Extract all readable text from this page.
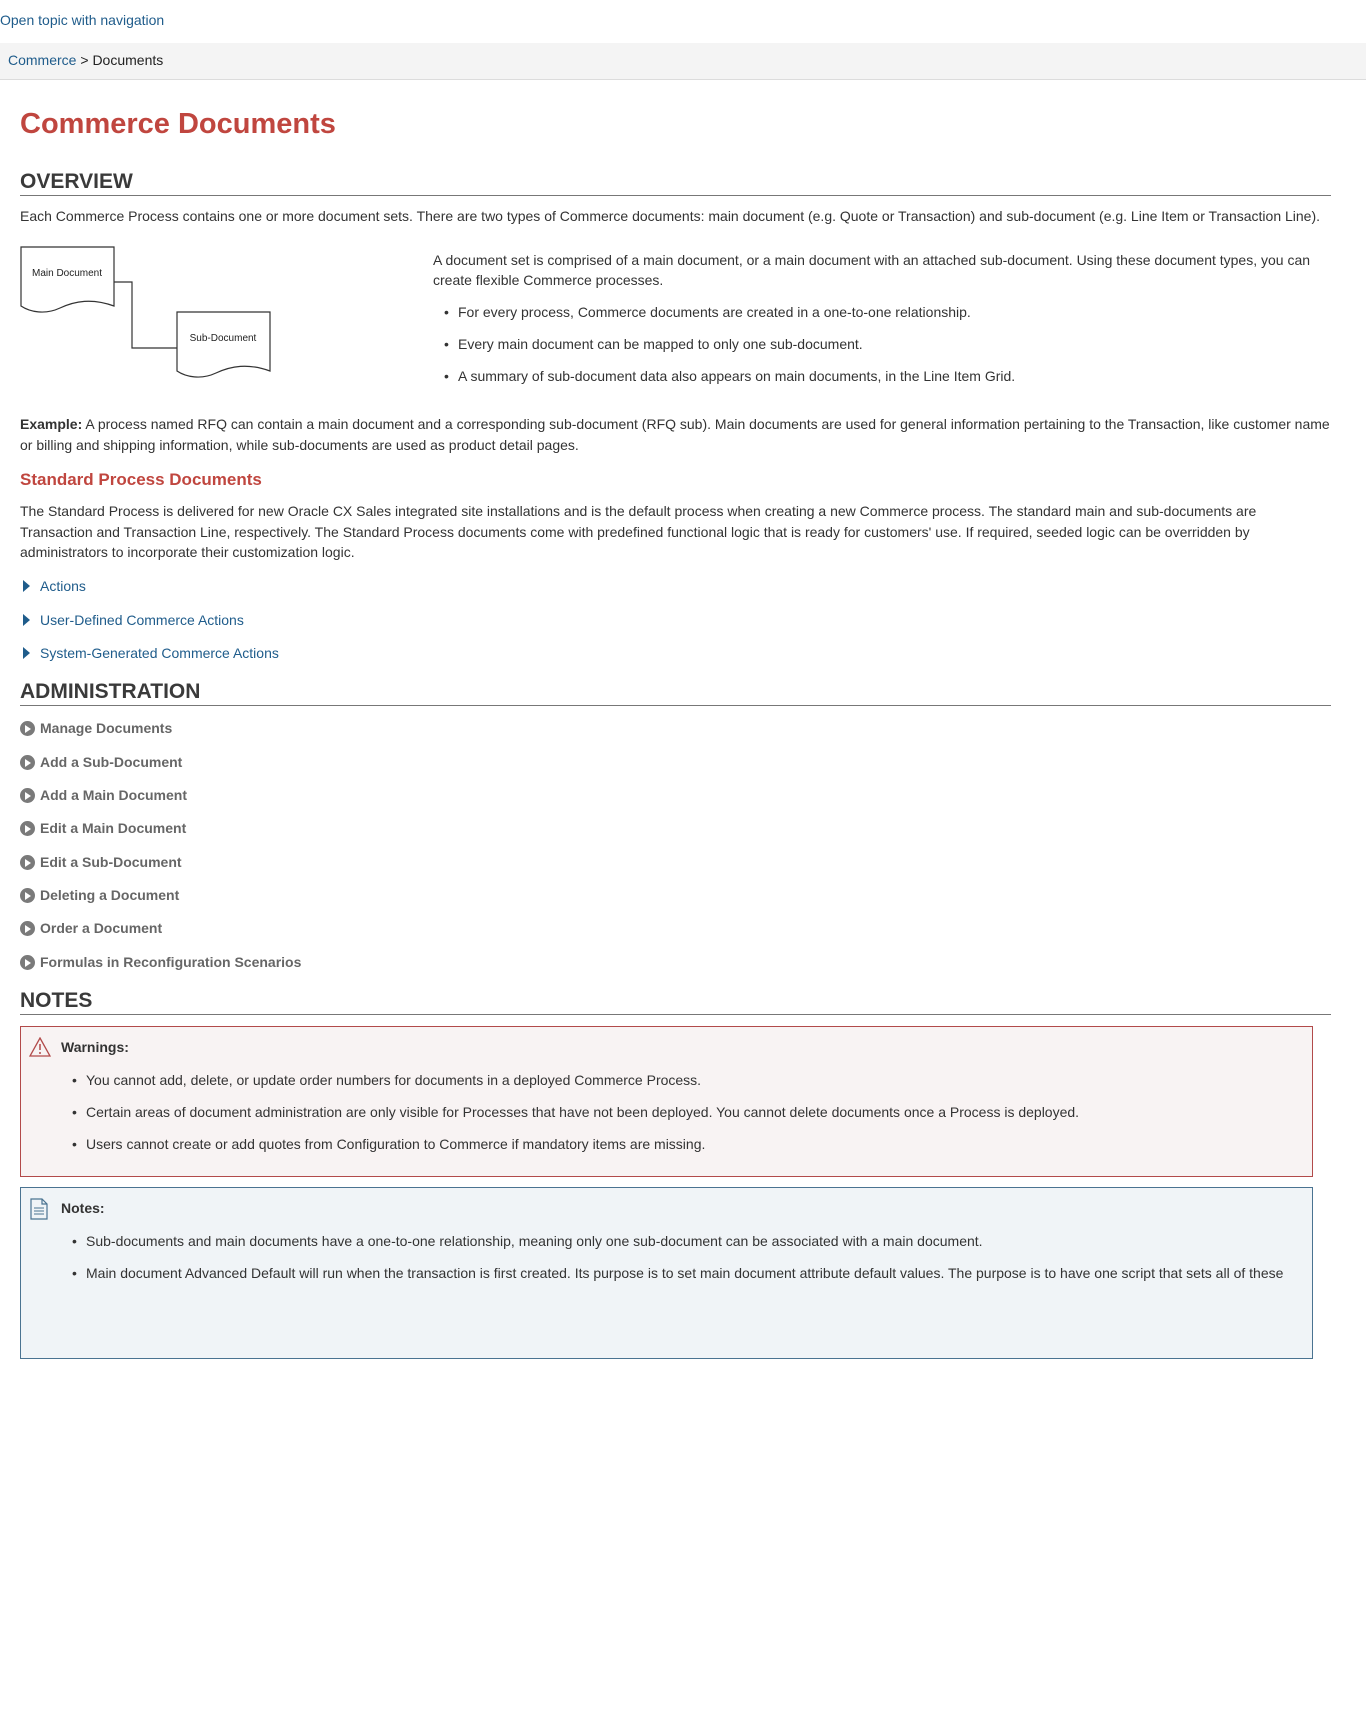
Open topic with navigation
Commerce > Documents
Commerce Documents
OVERVIEW
Each Commerce Process contains one or more document sets. There are two types of Commerce documents: main document (e.g. Quote or Transaction) and sub-document (e.g. Line Item or Transaction Line).
Main Document
Sub-Document
A document set is comprised of a main document, or a main document with an attached sub-document. Using these document types, you can create flexible Commerce processes.
• For every process, Commerce documents are created in a one-to-one relationship.
• Every main document can be mapped to only one sub-document.
• A summary of sub-document data also appears on main documents, in the Line Item Grid.
Example: A process named RFQ can contain a main document and a corresponding sub-document (RFQ sub). Main documents are used for general information pertaining to the Transaction, like customer name or billing and shipping information, while sub-documents are used as product detail pages.
Standard Process Documents
The Standard Process is delivered for new Oracle CX Sales integrated site installations and is the default process when creating a new Commerce process. The standard main and sub-documents are Transaction and Transaction Line, respectively. The Standard Process documents come with predefined functional logic that is ready for customers' use. If required, seeded logic can be overridden by administrators to incorporate their customization logic.
Actions
User-Defined Commerce Actions
System-Generated Commerce Actions
ADMINISTRATION
Manage Documents
Add a Sub-Document
Add a Main Document
Edit a Main Document
Edit a Sub-Document
Deleting a Document
Order a Document
Formulas in Reconfiguration Scenarios
NOTES
Warnings:
• You cannot add, delete, or update order numbers for documents in a deployed Commerce Process.
• Certain areas of document administration are only visible for Processes that have not been deployed. You cannot delete documents once a Process is deployed.
• Users cannot create or add quotes from Configuration to Commerce if mandatory items are missing.
Notes:
• Sub-documents and main documents have a one-to-one relationship, meaning only one sub-document can be associated with a main document.
• Main document Advanced Default will run when the transaction is first created. Its purpose is to set main document attribute default values. The purpose is to have one script that sets all of these
